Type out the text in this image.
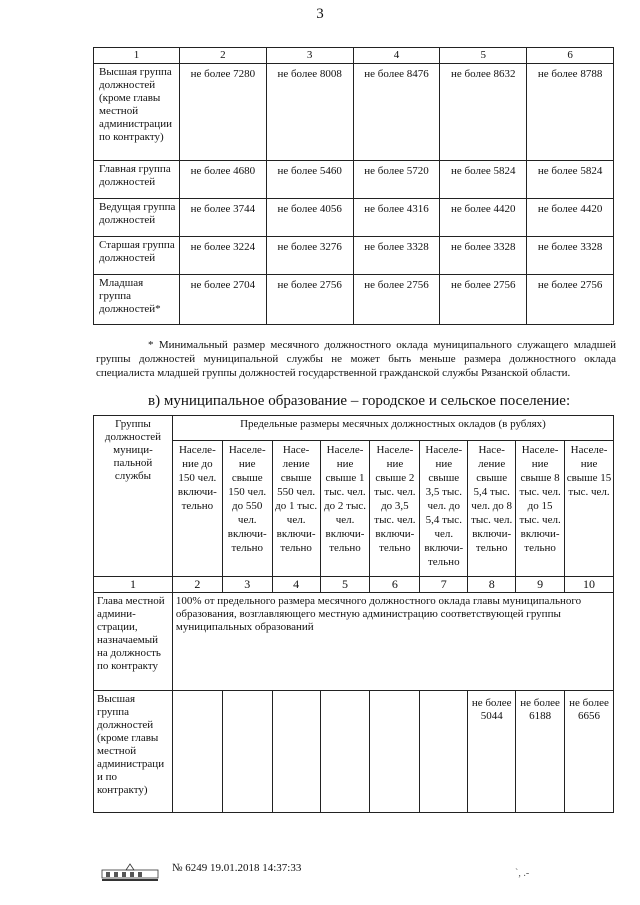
3
1	2	3	4	5	6
Высшая группа должностей (кроме главы местной администрации по контракту)	не более 7280	не более 8008	не более 8476	не более 8632	не более 8788
Главная группа должностей	не более 4680	не более 5460	не более 5720	не более 5824	не более 5824
Ведущая группа должностей	не более 3744	не более 4056	не более 4316	не более 4420	не более 4420
Старшая группа должностей	не более 3224	не более 3276	не более 3328	не более 3328	не более 3328
Младшая группа должностей*	не более 2704	не более 2756	не более 2756	не более 2756	не более 2756

* Минимальный размер месячного должностного оклада муниципального служащего младшей группы должностей муниципальной службы не может быть меньше размера должностного оклада специалиста младшей группы должностей государственной гражданской службы Рязанской области.

в) муниципальное образование – городское и сельское поселение:
Группы должностей муници-пальной службы	Предельные размеры месячных должностных окладов (в рублях)								
	Населе-ние до 150 чел. включи-тельно	Населе-ние свыше 150 чел. до 550 чел. включи-тельно	Насе-ление свыше 550 чел. до 1 тыс. чел. включи-тельно	Населе-ние свыше 1 тыс. чел. до 2 тыс. чел. включи-тельно	Населе-ние свыше 2 тыс. чел. до 3,5 тыс. чел. включи-тельно	Населе-ние свыше 3,5 тыс. чел. до 5,4 тыс. чел. включи-тельно	Насе-ление свыше 5,4 тыс. чел. до 8 тыс. чел. включи-тельно	Населе-ние свыше 8 тыс. чел. до 15 тыс. чел. включи-тельно	Населе-ние свыше 15 тыс. чел.
1	2	3	4	5	6	7	8	9	10
Глава местной админи-страции, назначаемый на должность по контракту	100% от предельного размера месячного должностного оклада главы муниципального образования, возглавляющего местную администрацию соответствующей группы муниципальных образований								
Высшая группа должностей (кроме главы местной администраци и по контракту)							не более 5044	не более 6188	не более 6656
№ 6249 19.01.2018 14:37:33	`, .-
